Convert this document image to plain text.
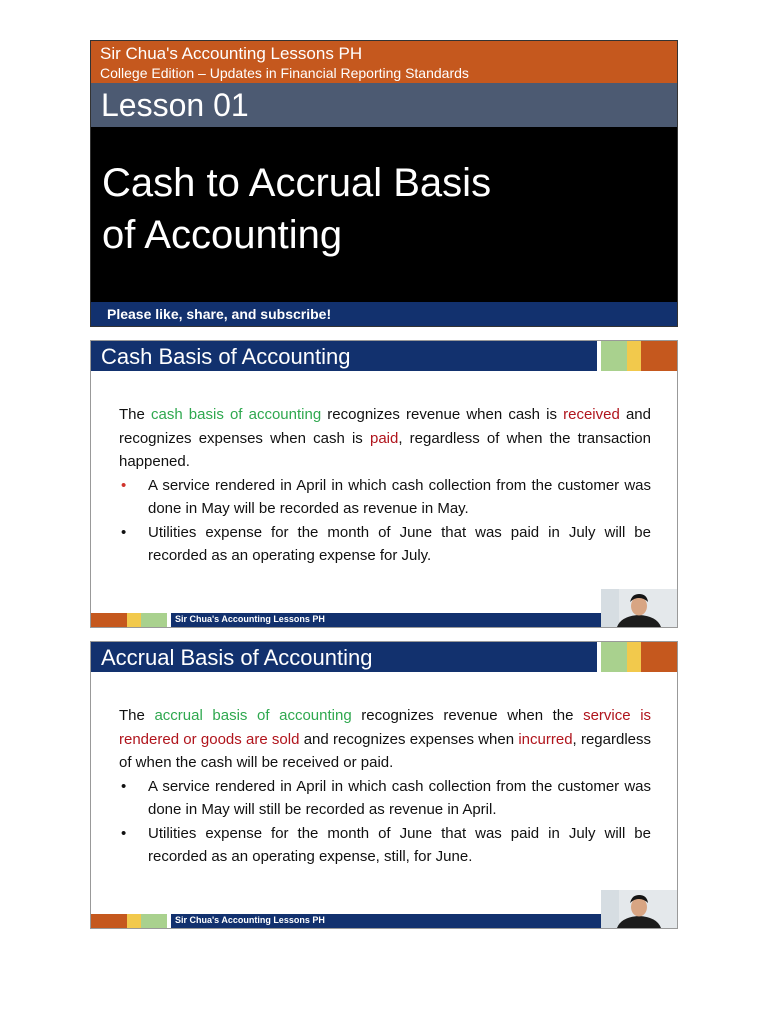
Sir Chua's Accounting Lessons PH
College Edition – Updates in Financial Reporting Standards
Lesson 01
Cash to Accrual Basis
of Accounting
Please like, share, and subscribe!
Cash Basis of Accounting

The cash basis of accounting recognizes revenue when cash is received and recognizes expenses when cash is paid, regardless of when the transaction happened.

• A service rendered in April in which cash collection from the customer was done in May will be recorded as revenue in May.
• Utilities expense for the month of June that was paid in July will be recorded as an operating expense for July.
Sir Chua's Accounting Lessons PH
Accrual Basis of Accounting

The accrual basis of accounting recognizes revenue when the service is rendered or goods are sold and recognizes expenses when incurred, regardless of when the cash will be received or paid.

• A service rendered in April in which cash collection from the customer was done in May will still be recorded as revenue in April.
• Utilities expense for the month of June that was paid in July will be recorded as an operating expense, still, for June.
Sir Chua's Accounting Lessons PH
